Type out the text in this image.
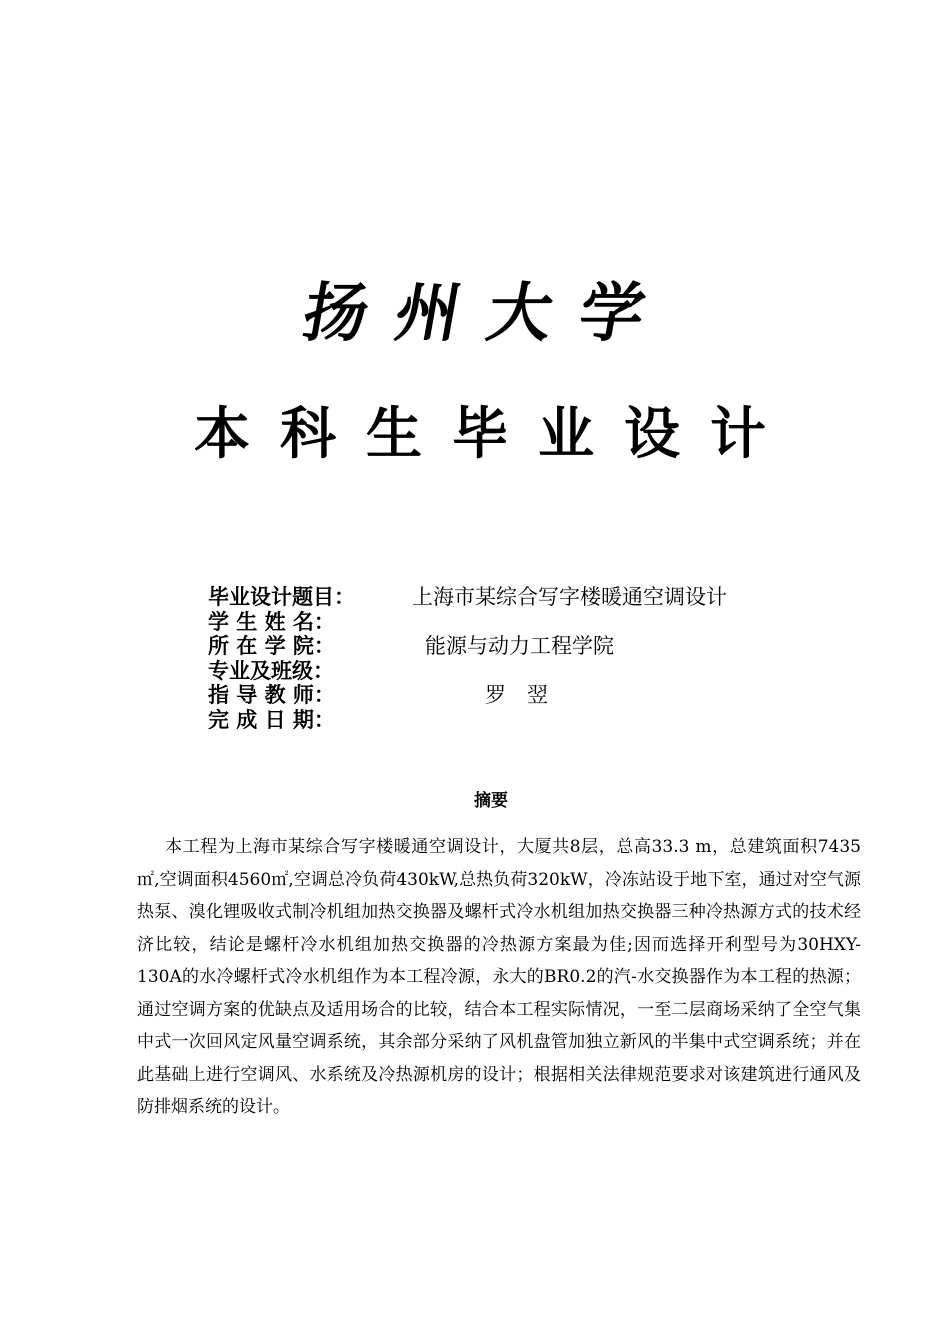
扬州大学
本科生毕业设计
毕业设计题目：	上海市某综合写字楼暖通空调设计
学 生 姓 名：
所 在 学 院：	能源与动力工程学院
专业及班级：
指 导 教 师：	罗　翌
完 成 日 期：
摘要
本工程为上海市某综合写字楼暖通空调设计，大厦共8层，总高33.3 m，总建筑面积7435㎡,空调面积4560㎡,空调总冷负荷430kW,总热负荷320kW，冷冻站设于地下室，通过对空气源热泵、溴化锂吸收式制冷机组加热交换器及螺杆式冷水机组加热交换器三种冷热源方式的技术经济比较，结论是螺杆冷水机组加热交换器的冷热源方案最为佳;因而选择开利型号为30HXY-130A的水冷螺杆式冷水机组作为本工程冷源，永大的BR0.2的汽-水交换器作为本工程的热源；通过空调方案的优缺点及适用场合的比较，结合本工程实际情况，一至二层商场采纳了全空气集中式一次回风定风量空调系统，其余部分采纳了风机盘管加独立新风的半集中式空调系统；并在此基础上进行空调风、水系统及冷热源机房的设计；根据相关法律规范要求对该建筑进行通风及防排烟系统的设计。
